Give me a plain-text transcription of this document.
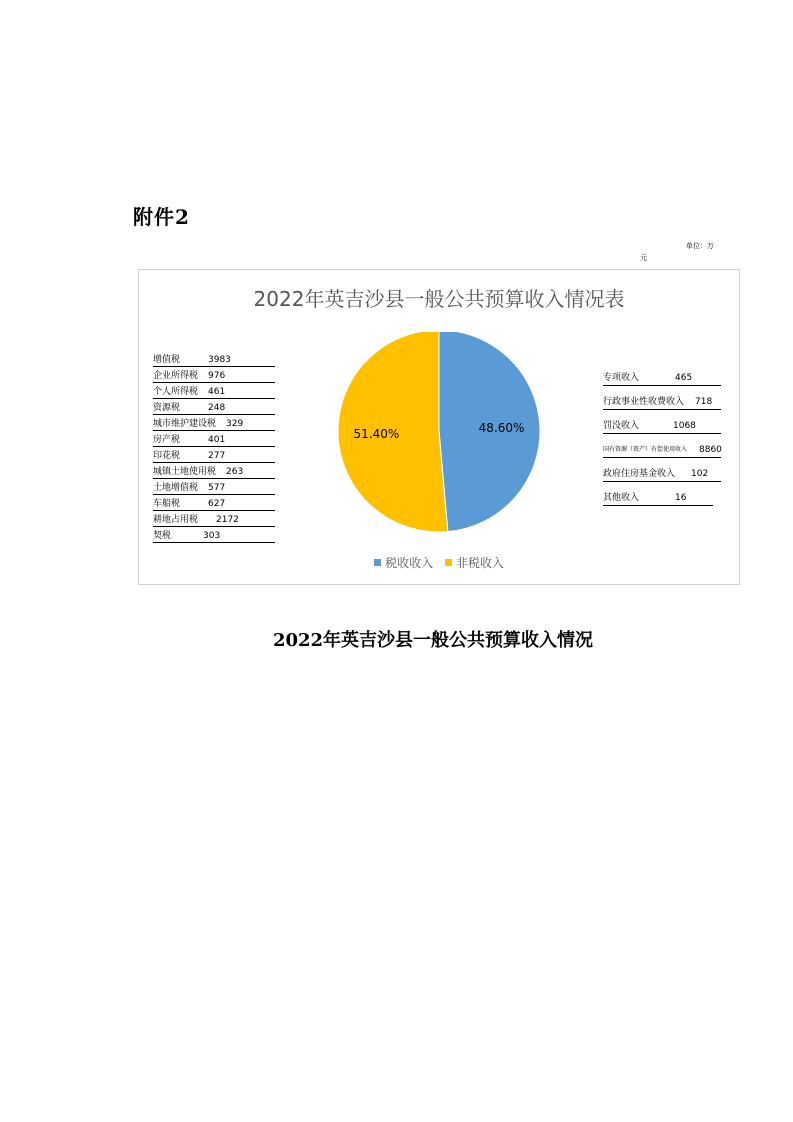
附件2
单位：万
元
2022年英吉沙县一般公共预算收入情况表
增值税	3983
企业所得税 976
个人所得税 461
资源税	248
城市维护建设税 329
房产税	401
印花税	277
城镇土地使用税 263
土地增值税 577
车船税	627
耕地占用税 2172
契税	303
专项收入	465
行政事业性收费收入 718
罚没收入	1068
国有资源（资产）有偿使用收入 8860
政府住房基金收入 102
其他收入	16
48.60%
51.40%
税收收入 非税收入
2022年英吉沙县一般公共预算收入情况
